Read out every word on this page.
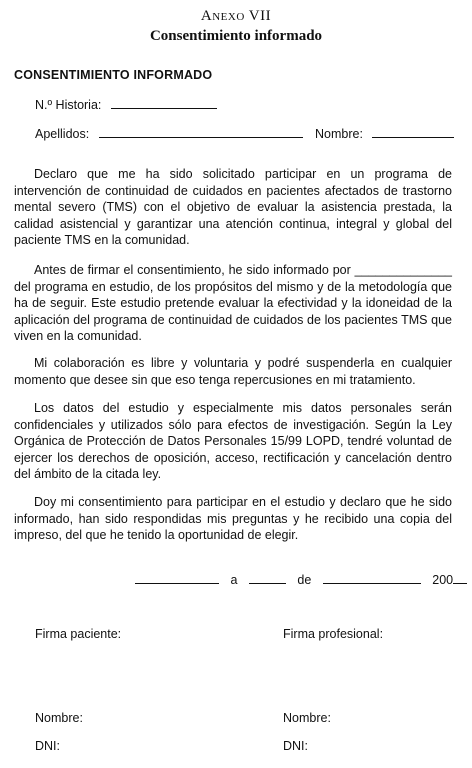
Anexo VII
Consentimiento informado
CONSENTIMIENTO INFORMADO
N.º Historia:
Apellidos:	Nombre:

Declaro que me ha sido solicitado participar en un programa de intervención de continuidad de cuidados en pacientes afectados de trastorno mental severo (TMS) con el objetivo de evaluar la asistencia prestada, la calidad asistencial y garantizar una atención continua, integral y global del paciente TMS en la comunidad.

Antes de firmar el consentimiento, he sido informado por ______________ del programa en estudio, de los propósitos del mismo y de la metodología que ha de seguir. Este estudio pretende evaluar la efectividad y la idoneidad de la aplicación del programa de continuidad de cuidados de los pacientes TMS que viven en la comunidad.

Mi colaboración es libre y voluntaria y podré suspenderla en cualquier momento que desee sin que eso tenga repercusiones en mi tratamiento.

Los datos del estudio y especialmente mis datos personales serán confidenciales y utilizados sólo para efectos de investigación. Según la Ley Orgánica de Protección de Datos Personales 15/99 LOPD, tendré voluntad de ejercer los derechos de oposición, acceso, rectificación y cancelación dentro del ámbito de la citada ley.

Doy mi consentimiento para participar en el estudio y declaro que he sido informado, han sido respondidas mis preguntas y he recibido una copia del impreso, del que he tenido la oportunidad de elegir.

a	de	200
Firma paciente:	Firma profesional:
Nombre:	Nombre:
DNI:	DNI:
